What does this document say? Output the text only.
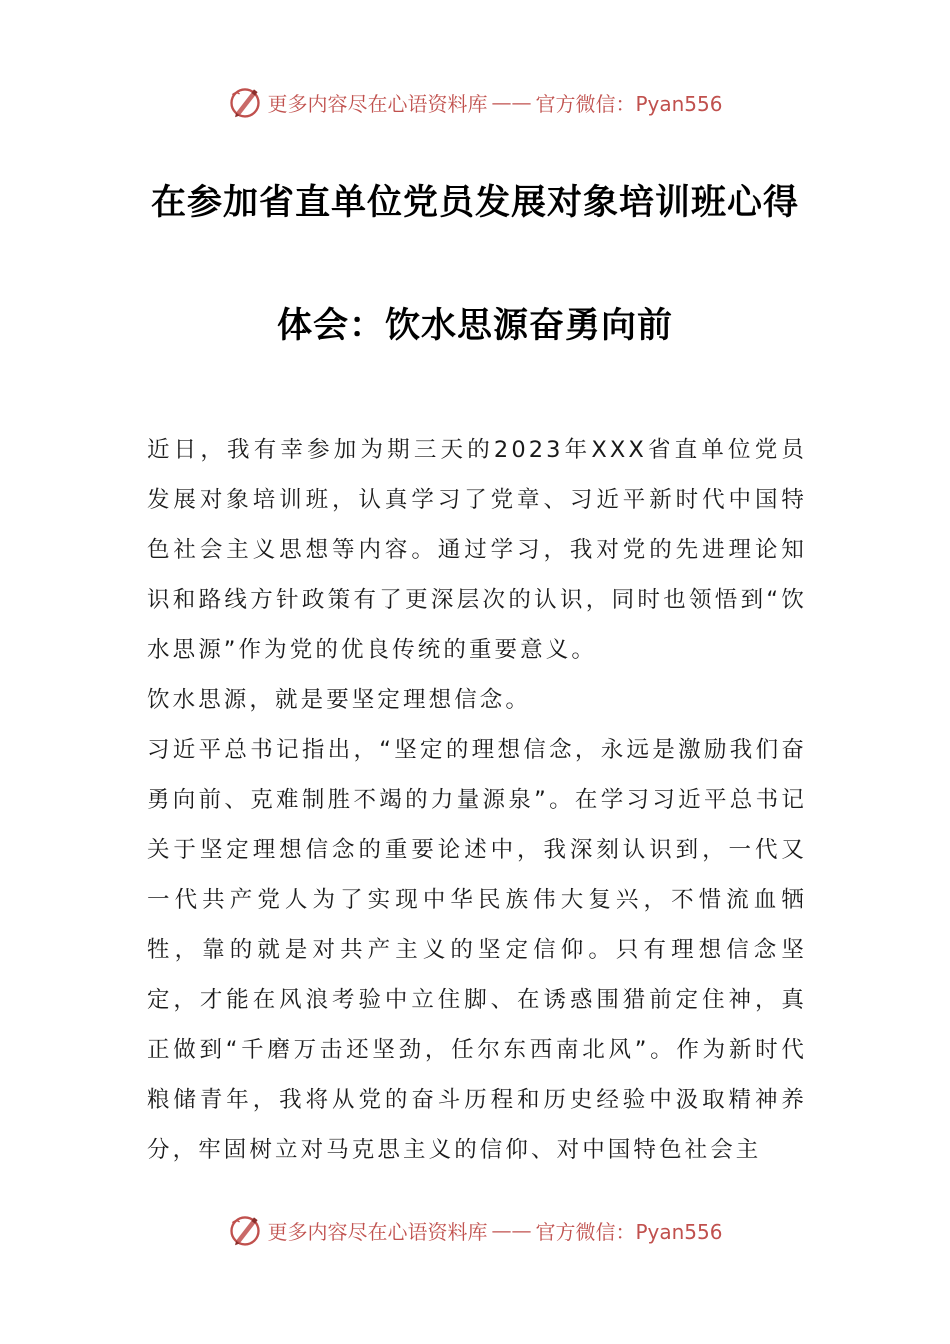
更多内容尽在心语资料库 —— 官方微信：Pyan556
在参加省直单位党员发展对象培训班心得
体会：饮水思源奋勇向前

近日，我有幸参加为期三天的2023年XXX省直单位党员发展对象培训班，认真学习了党章、习近平新时代中国特色社会主义思想等内容。通过学习，我对党的先进理论知识和路线方针政策有了更深层次的认识，同时也领悟到“饮水思源”作为党的优良传统的重要意义。

饮水思源，就是要坚定理想信念。

习近平总书记指出，“坚定的理想信念，永远是激励我们奋勇向前、克难制胜不竭的力量源泉”。在学习习近平总书记关于坚定理想信念的重要论述中，我深刻认识到，一代又一代共产党人为了实现中华民族伟大复兴，不惜流血牺牲，靠的就是对共产主义的坚定信仰。只有理想信念坚定，才能在风浪考验中立住脚、在诱惑围猎前定住神，真正做到“千磨万击还坚劲，任尔东西南北风”。作为新时代粮储青年，我将从党的奋斗历程和历史经验中汲取精神养分，牢固树立对马克思主义的信仰、对中国特色社会主

更多内容尽在心语资料库 —— 官方微信：Pyan556
